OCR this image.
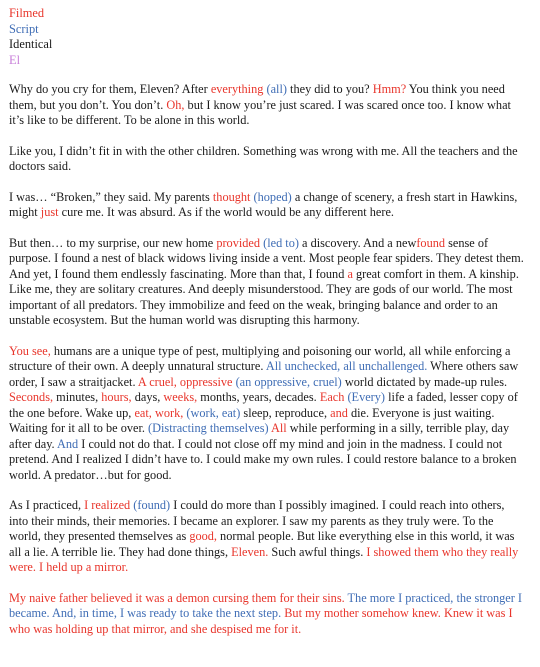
Filmed
Script
Identical
El

Why do you cry for them, Eleven? After everything (all) they did to you? Hmm? You think you need them, but you don’t. You don’t. Oh, but I know you’re just scared. I was scared once too. I know what it’s like to be different. To be alone in this world.

Like you, I didn’t fit in with the other children. Something was wrong with me. All the teachers and the doctors said.

I was… “Broken,” they said. My parents thought (hoped) a change of scenery, a fresh start in Hawkins, might just cure me. It was absurd. As if the world would be any different here.

But then… to my surprise, our new home provided (led to) a discovery. And a newfound sense of purpose. I found a nest of black widows living inside a vent. Most people fear spiders. They detest them. And yet, I found them endlessly fascinating. More than that, I found a great comfort in them. A kinship. Like me, they are solitary creatures. And deeply misunderstood. They are gods of our world. The most important of all predators. They immobilize and feed on the weak, bringing balance and order to an unstable ecosystem. But the human world was disrupting this harmony.

You see, humans are a unique type of pest, multiplying and poisoning our world, all while enforcing a structure of their own. A deeply unnatural structure. All unchecked, all unchallenged. Where others saw order, I saw a straitjacket. A cruel, oppressive (an oppressive, cruel) world dictated by made-up rules. Seconds, minutes, hours, days, weeks, months, years, decades. Each (Every) life a faded, lesser copy of the one before. Wake up, eat, work, (work, eat) sleep, reproduce, and die. Everyone is just waiting. Waiting for it all to be over. (Distracting themselves) All while performing in a silly, terrible play, day after day. And I could not do that. I could not close off my mind and join in the madness. I could not pretend. And I realized I didn’t have to. I could make my own rules. I could restore balance to a broken world. A predator…but for good.

As I practiced, I realized (found) I could do more than I possibly imagined. I could reach into others, into their minds, their memories. I became an explorer. I saw my parents as they truly were. To the world, they presented themselves as good, normal people. But like everything else in this world, it was all a lie. A terrible lie. They had done things, Eleven. Such awful things. I showed them who they really were. I held up a mirror.

My naive father believed it was a demon cursing them for their sins. The more I practiced, the stronger I became. And, in time, I was ready to take the next step. But my mother somehow knew. Knew it was I who was holding up that mirror, and she despised me for it.
